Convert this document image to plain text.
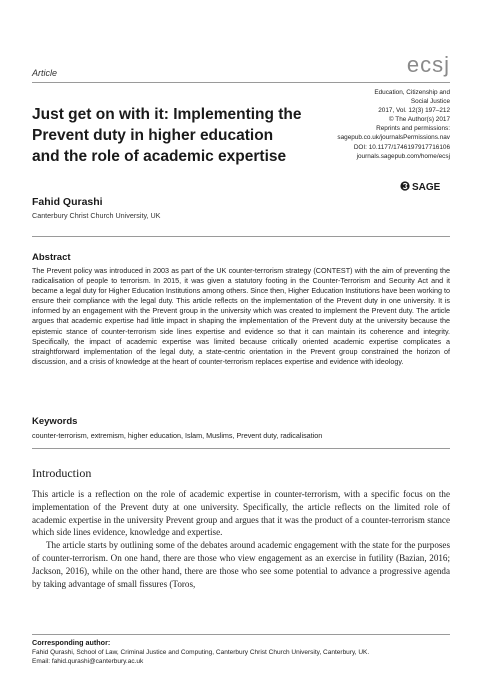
Article	ecsj
Just get on with it: Implementing the Prevent duty in higher education and the role of academic expertise
Education, Citizenship and
Social Justice
2017, Vol. 12(3) 197–212
© The Author(s) 2017
Reprints and permissions:
sagepub.co.uk/journalsPermissions.nav
DOI: 10.1177/1746197917716106
journals.sagepub.com/home/ecsj
SAGE
Fahid Qurashi
Canterbury Christ Church University, UK
Abstract
The Prevent policy was introduced in 2003 as part of the UK counter-terrorism strategy (CONTEST) with the aim of preventing the radicalisation of people to terrorism. In 2015, it was given a statutory footing in the Counter-Terrorism and Security Act and it became a legal duty for Higher Education Institutions among others. Since then, Higher Education Institutions have been working to ensure their compliance with the legal duty. This article reflects on the implementation of the Prevent duty in one university. It is informed by an engagement with the Prevent group in the university which was created to implement the Prevent duty. The article argues that academic expertise had little impact in shaping the implementation of the Prevent duty at the university because the epistemic stance of counter-terrorism side lines expertise and evidence so that it can maintain its coherence and integrity. Specifically, the impact of academic expertise was limited because critically oriented academic expertise complicates a straightforward implementation of the legal duty, a state-centric orientation in the Prevent group constrained the horizon of discussion, and a crisis of knowledge at the heart of counter-terrorism replaces expertise and evidence with ideology.
Keywords
counter-terrorism, extremism, higher education, Islam, Muslims, Prevent duty, radicalisation
Introduction

This article is a reflection on the role of academic expertise in counter-terrorism, with a specific focus on the implementation of the Prevent duty at one university. Specifically, the article reflects on the limited role of academic expertise in the university Prevent group and argues that it was the product of a counter-terrorism stance which side lines evidence, knowledge and expertise.

The article starts by outlining some of the debates around academic engagement with the state for the purposes of counter-terrorism. On one hand, there are those who view engagement as an exercise in futility (Bazian, 2016; Jackson, 2016), while on the other hand, there are those who see some potential to advance a progressive agenda by taking advantage of small fissures (Toros,

Corresponding author:
Fahid Qurashi, School of Law, Criminal Justice and Computing, Canterbury Christ Church University, Canterbury, UK.
Email: fahid.qurashi@canterbury.ac.uk
